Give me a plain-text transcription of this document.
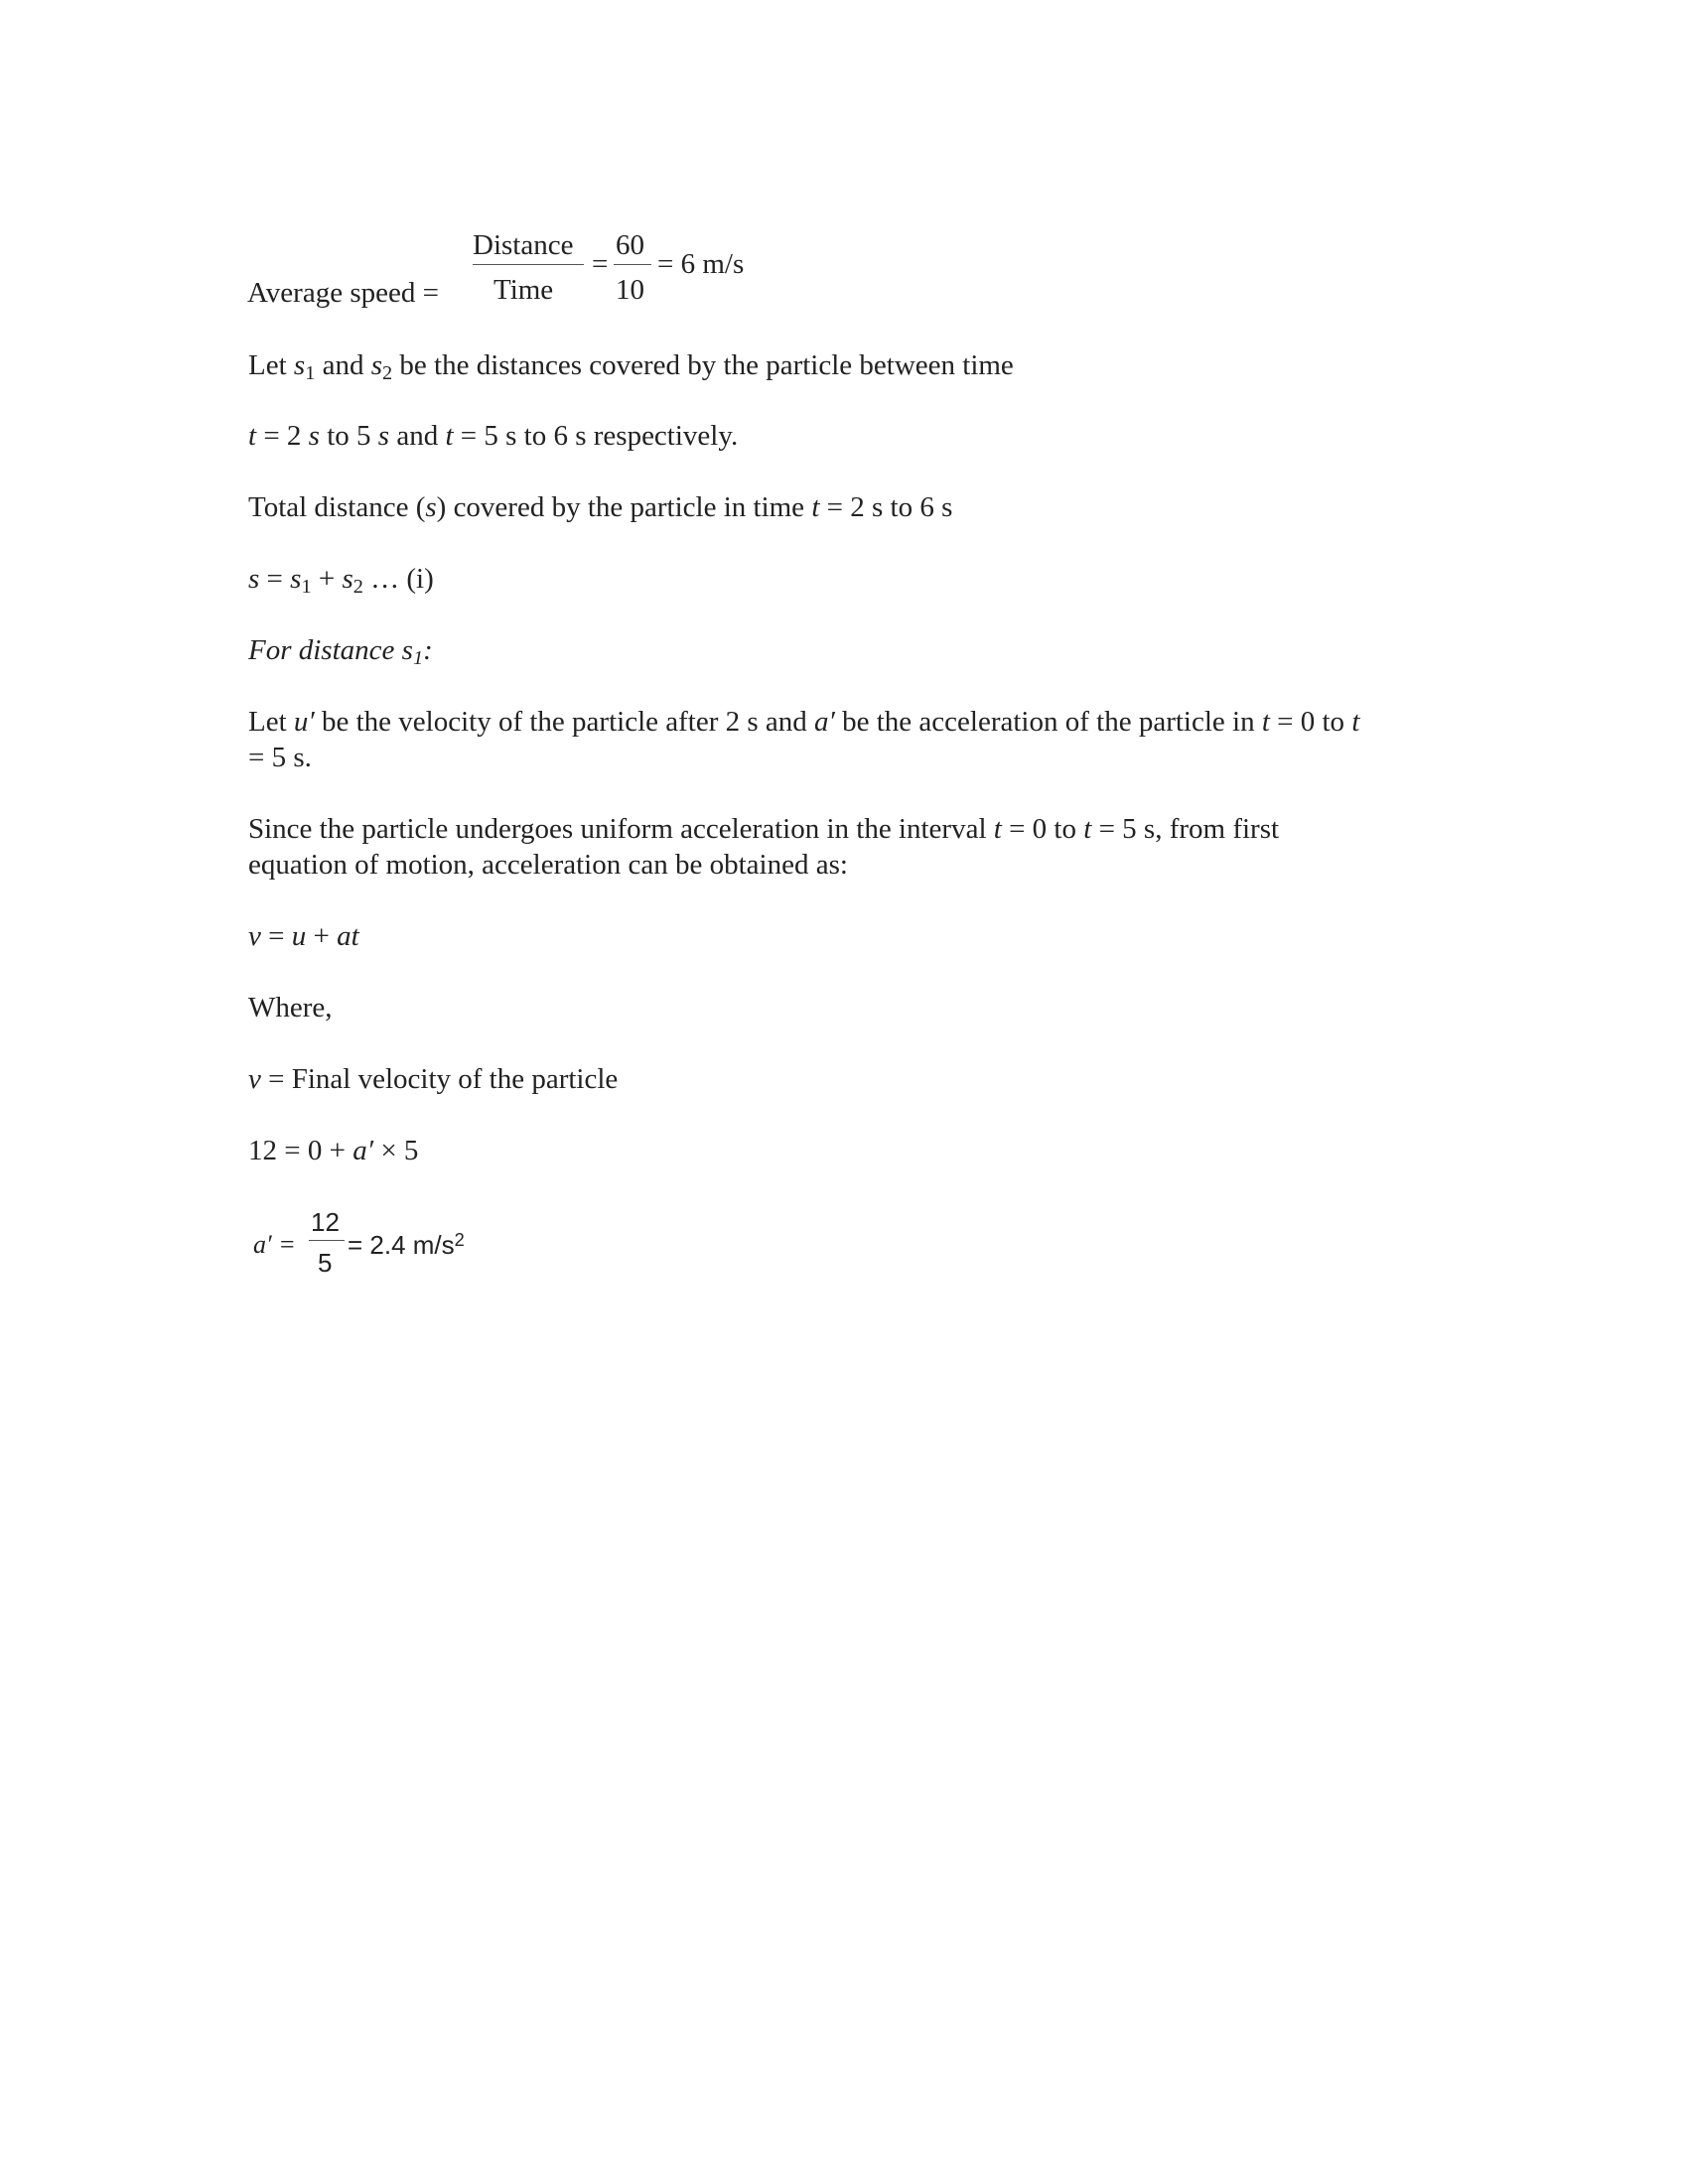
Average speed =
Distance
Time
=
60
10
= 6 m/s
Let $s_1$ and $s_2$ be the distances covered by the particle between time
t = 2 s to 5 s and t = 5 s to 6 s respectively.
Total distance (s) covered by the particle in time t = 2 s to 6 s
$s = s_1 + s_2$ … (i)
For distance $s_1$:
Let u′ be the velocity of the particle after 2 s and a′ be the acceleration of the particle in t = 0 to t = 5 s.
Since the particle undergoes uniform acceleration in the interval t = 0 to t = 5 s, from first equation of motion, acceleration can be obtained as:
v = u + at
Where,
v = Final velocity of the particle
12 = 0 + a′ × 5
a′ =
12
5
= 2.4 $m/s^2$
